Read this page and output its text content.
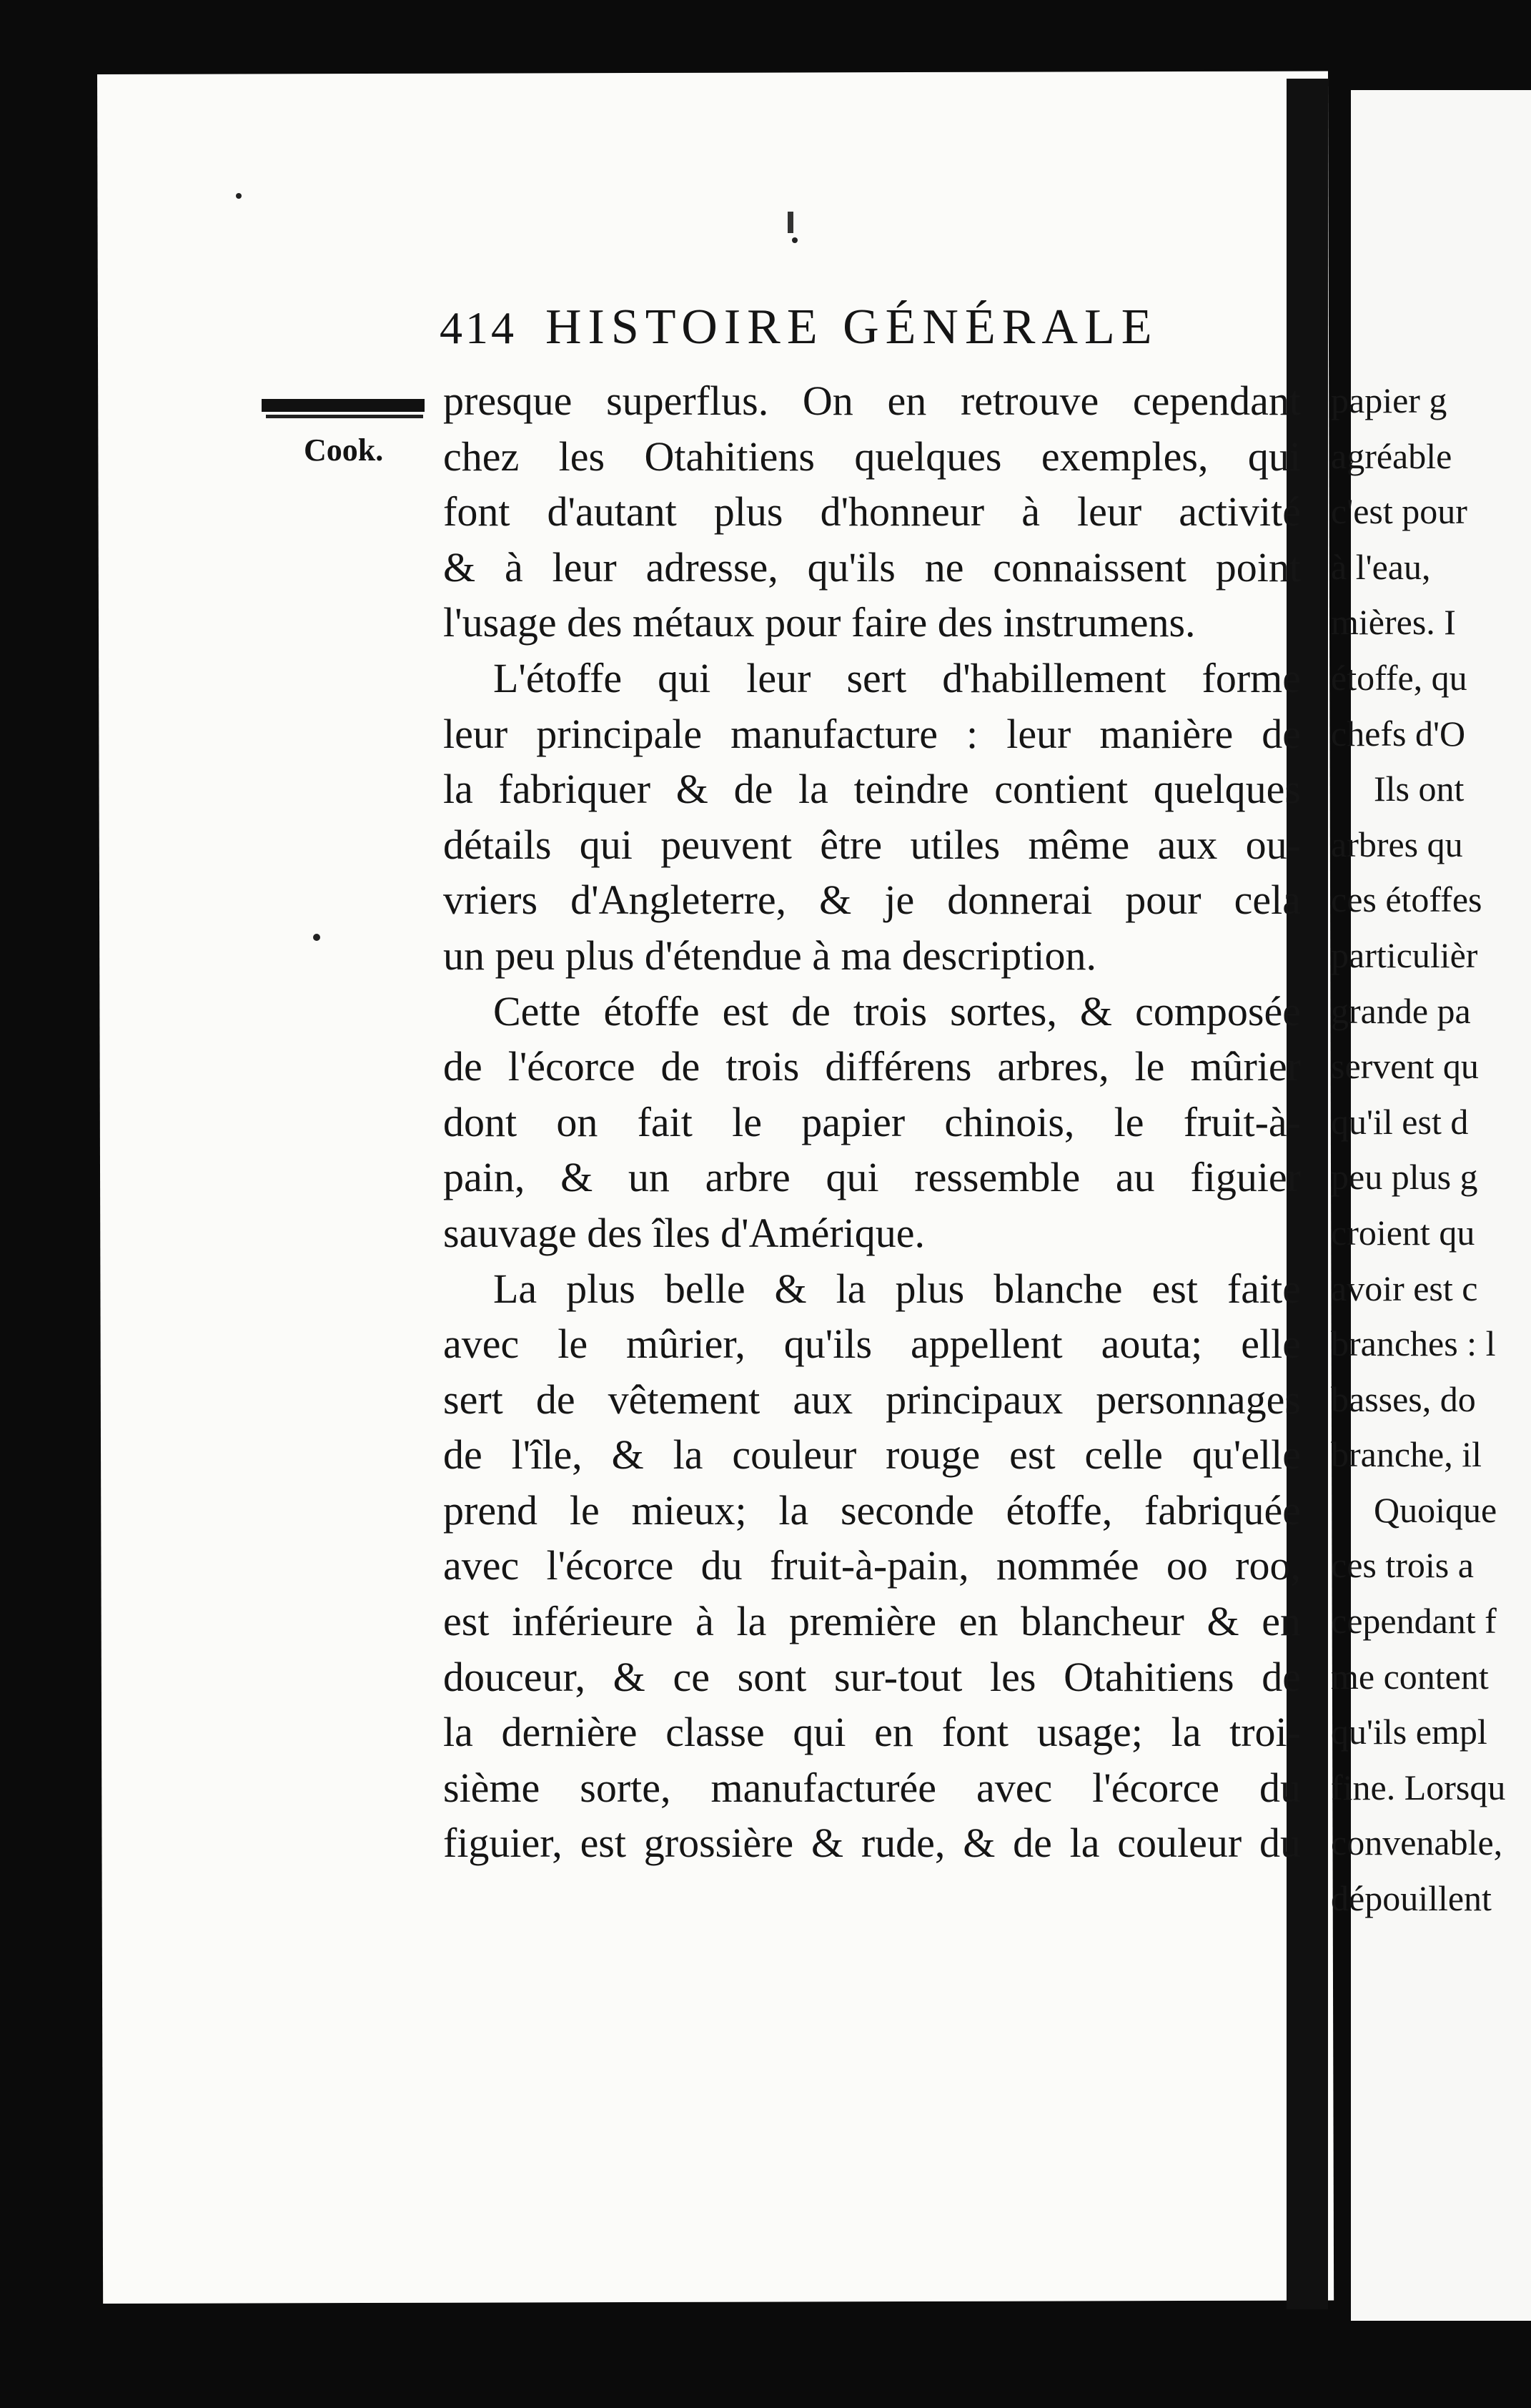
414 HISTOIRE GÉNÉRALE
Cook.
presque superflus. On en retrouve cependant
chez les Otahitiens quelques exemples, qui
font d'autant plus d'honneur à leur activité
& à leur adresse, qu'ils ne connaissent point
l'usage des métaux pour faire des instrumens.
L'étoffe qui leur sert d'habillement forme
leur principale manufacture : leur manière de
la fabriquer & de la teindre contient quelques
détails qui peuvent être utiles même aux ou-
vriers d'Angleterre, & je donnerai pour cela
un peu plus d'étendue à ma description.
Cette étoffe est de trois sortes, & composée
de l'écorce de trois différens arbres, le mûrier
dont on fait le papier chinois, le fruit-à-
pain, & un arbre qui ressemble au figuier
sauvage des îles d'Amérique.
La plus belle & la plus blanche est faite
avec le mûrier, qu'ils appellent aouta; elle
sert de vêtement aux principaux personnages
de l'île, & la couleur rouge est celle qu'elle
prend le mieux; la seconde étoffe, fabriquée
avec l'écorce du fruit-à-pain, nommée oo roo,
est inférieure à la première en blancheur & en
douceur, & ce sont sur-tout les Otahitiens de
la dernière classe qui en font usage; la troi-
sième sorte, manufacturée avec l'écorce du
figuier, est grossière & rude, & de la couleur du
papier g
agréable
c'est pour
à l'eau,
mières. I
étoffe, qu
chefs d'O
Ils ont
arbres qu
ces étoffes
particulièr
grande pa
servent qu
qu'il est d
peu plus g
croient qu
avoir est c
branches : l
basses, do
branche, il
Quoique
ces trois a
cependant f
me content
qu'ils empl
fine. Lorsqu
convenable,
dépouillent
